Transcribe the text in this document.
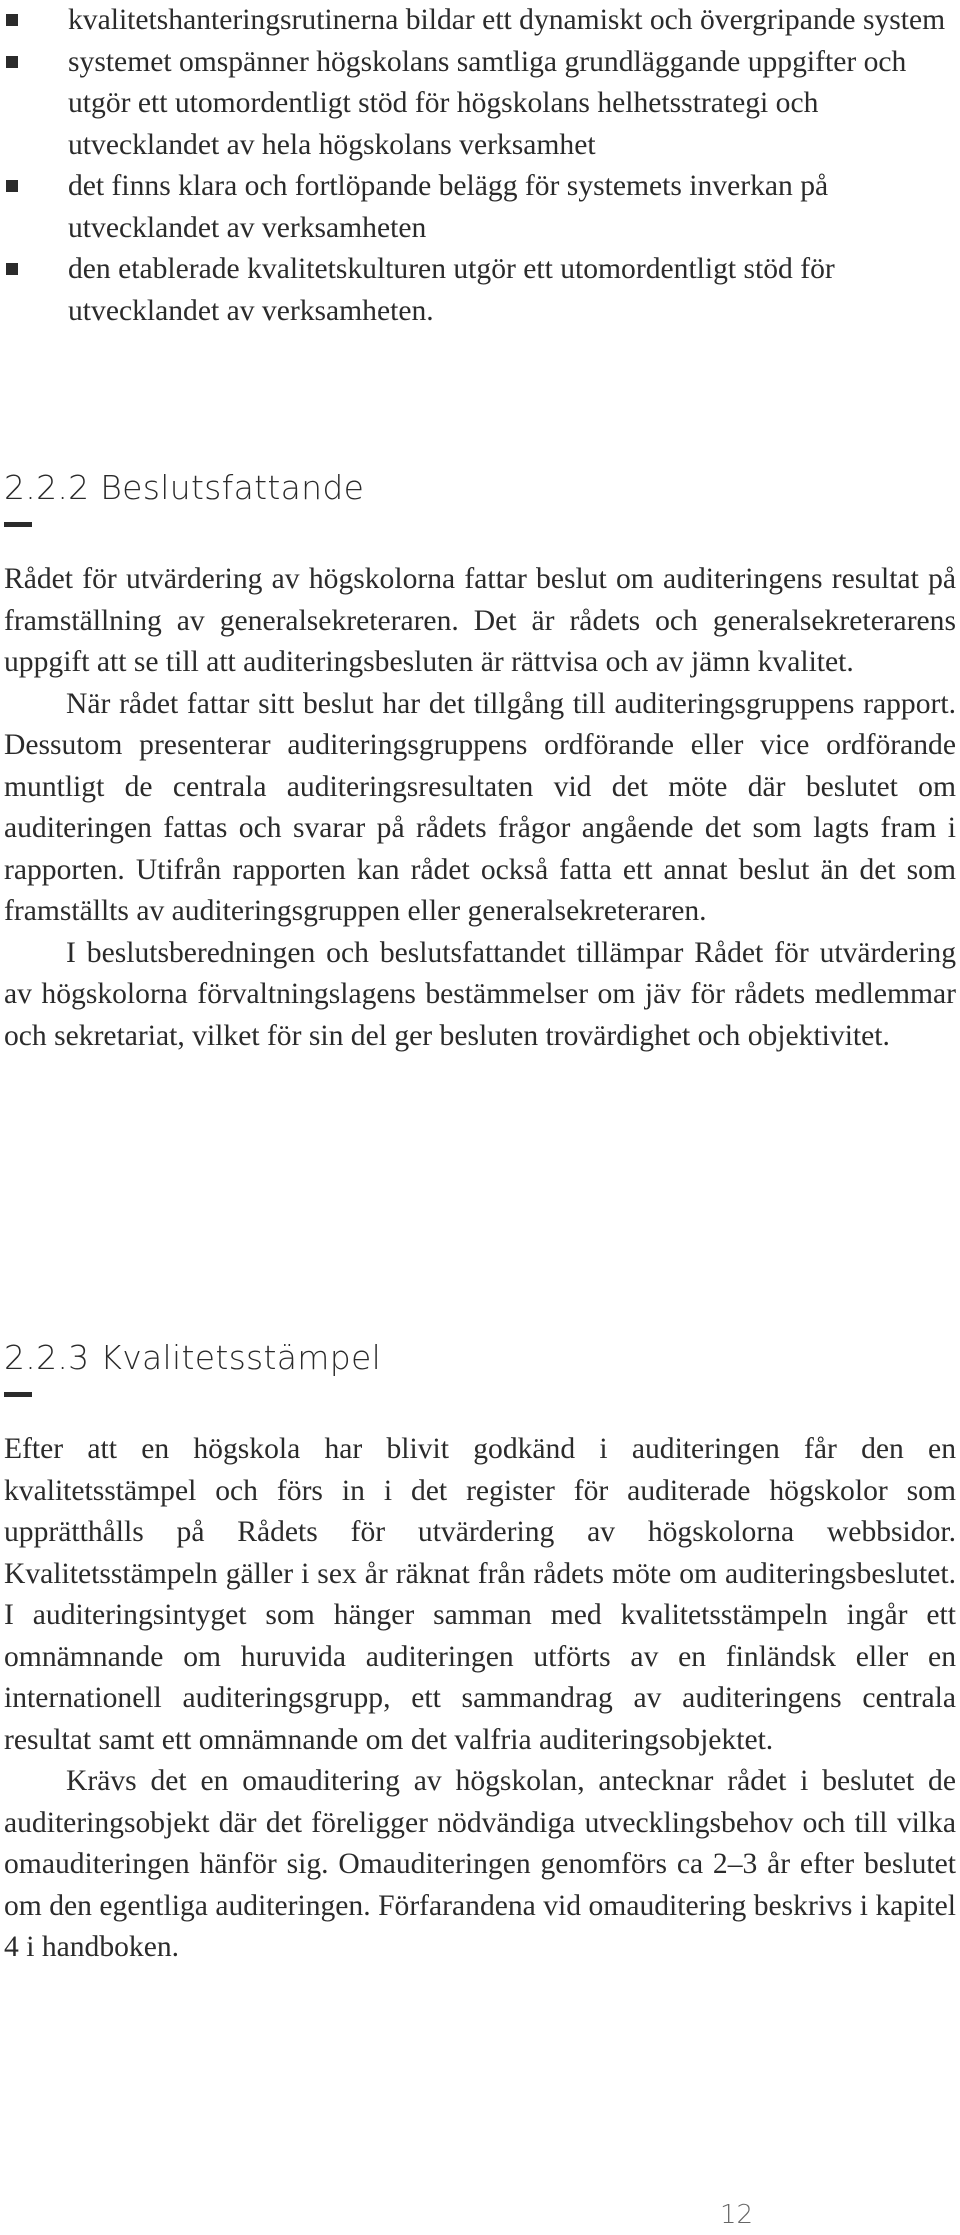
kvalitetshanteringsrutinerna bildar ett dynamiskt och övergripande system
systemet omspänner högskolans samtliga grundläggande uppgifter och utgör ett utomordentligt stöd för högskolans helhetsstrategi och utvecklandet av hela högskolans verksamhet
det finns klara och fortlöpande belägg för systemets inverkan på utvecklandet av verksamheten
den etablerade kvalitetskulturen utgör ett utomordentligt stöd för utvecklandet av verksamheten.
2.2.2 Beslutsfattande

Rådet för utvärdering av högskolorna fattar beslut om auditeringens resultat på framställning av generalsekreteraren. Det är rådets och generalsekreterarens uppgift att se till att auditeringsbesluten är rättvisa och av jämn kvalitet.

När rådet fattar sitt beslut har det tillgång till auditeringsgruppens rapport. Dessutom presenterar auditeringsgruppens ordförande eller vice ordförande muntligt de centrala auditeringsresultaten vid det möte där beslutet om auditeringen fattas och svarar på rådets frågor angående det som lagts fram i rapporten. Utifrån rapporten kan rådet också fatta ett annat beslut än det som framställts av auditeringsgruppen eller generalsekreteraren.

I beslutsberedningen och beslutsfattandet tillämpar Rådet för utvärdering av högskolorna förvaltningslagens bestämmelser om jäv för rådets medlemmar och sekretariat, vilket för sin del ger besluten trovärdighet och objektivitet.

2.2.3 Kvalitetsstämpel

Efter att en högskola har blivit godkänd i auditeringen får den en kvalitetsstämpel och förs in i det register för auditerade högskolor som upprätthålls på Rådets för utvärdering av högskolorna webbsidor. Kvalitetsstämpeln gäller i sex år räknat från rådets möte om auditeringsbeslutet. I auditeringsintyget som hänger samman med kvalitetsstämpeln ingår ett omnämnande om huruvida auditeringen utförts av en finländsk eller en internationell auditeringsgrupp, ett sammandrag av auditeringens centrala resultat samt ett omnämnande om det valfria auditeringsobjektet.

Krävs det en omauditering av högskolan, antecknar rådet i beslutet de auditeringsobjekt där det föreligger nödvändiga utvecklingsbehov och till vilka omauditeringen hänför sig. Omauditeringen genomförs ca 2–3 år efter beslutet om den egentliga auditeringen. Förfarandena vid omauditering beskrivs i kapitel 4 i handboken.

12
